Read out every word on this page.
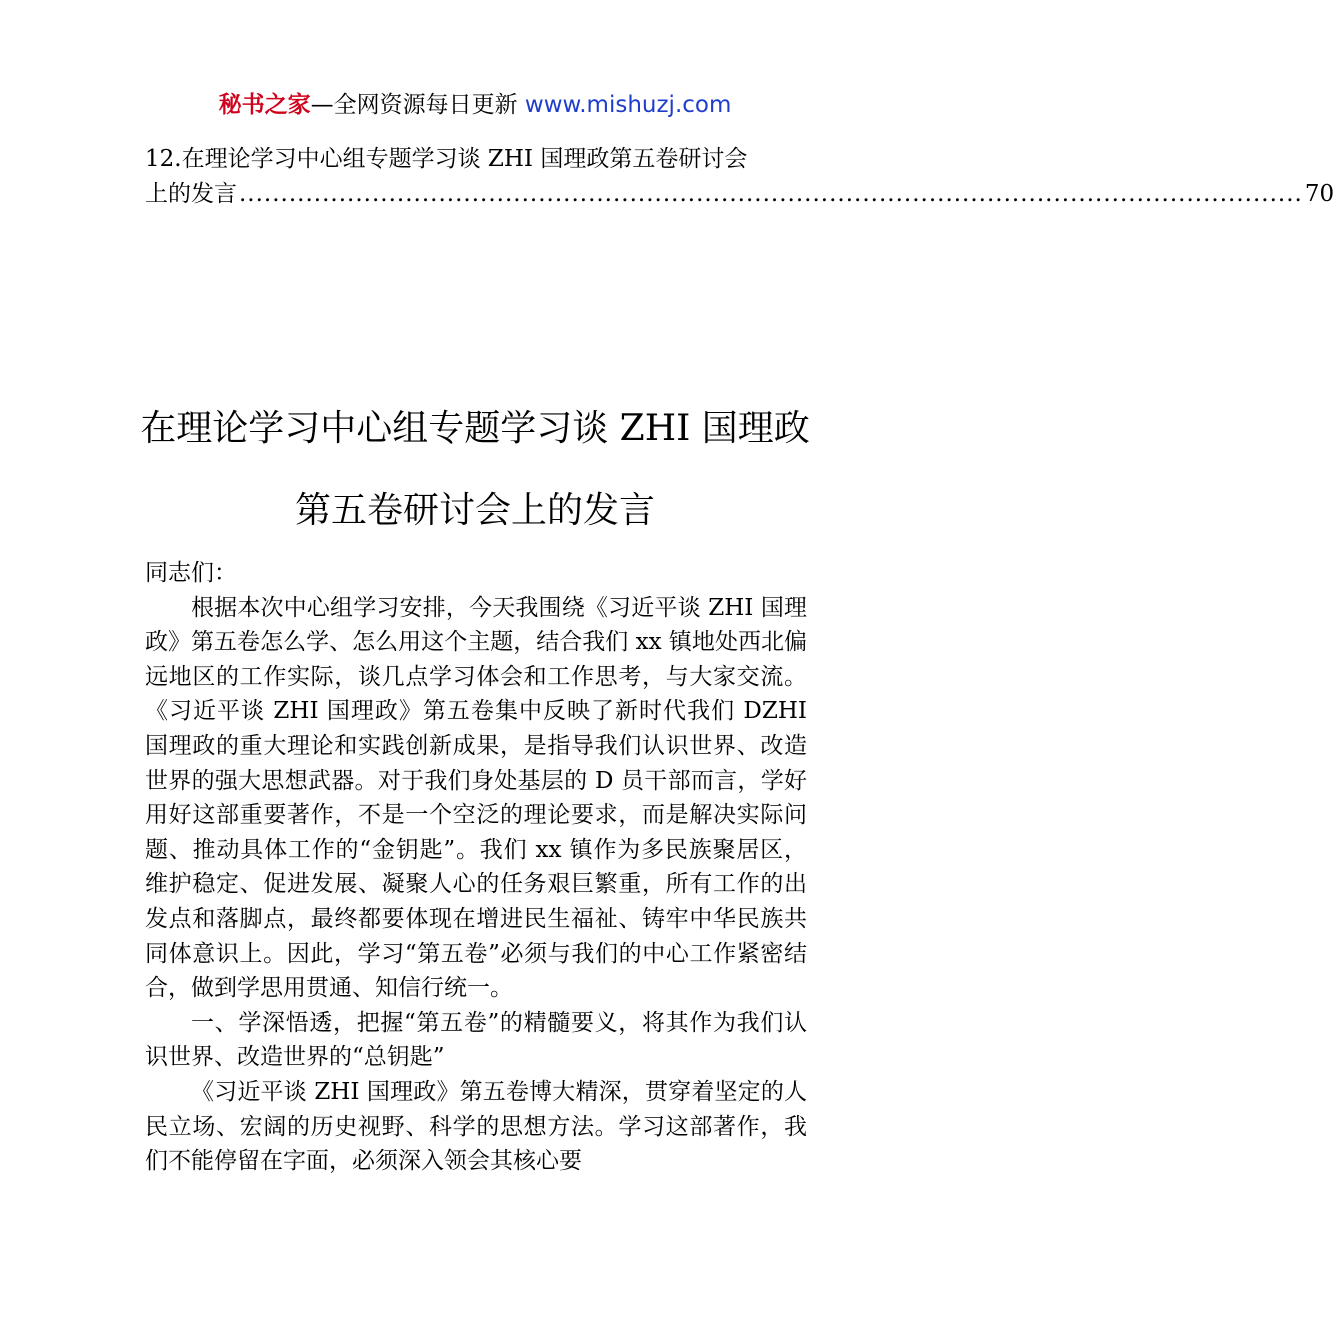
秘书之家—全网资源每日更新 www.mishuzj.com
12.在理论学习中心组专题学习谈 ZHI 国理政第五卷研讨会
上的发言 ................................................................................................................................ 70
在理论学习中心组专题学习谈 ZHI 国理政
第五卷研讨会上的发言

同志们：

根据本次中心组学习安排，今天我围绕《习近平谈 ZHI 国理政》第五卷怎么学、怎么用这个主题，结合我们 xx 镇地处西北偏远地区的工作实际，谈几点学习体会和工作思考，与大家交流。《习近平谈 ZHI 国理政》第五卷集中反映了新时代我们 DZHI 国理政的重大理论和实践创新成果，是指导我们认识世界、改造世界的强大思想武器。对于我们身处基层的 D 员干部而言，学好用好这部重要著作，不是一个空泛的理论要求，而是解决实际问题、推动具体工作的“金钥匙”。我们 xx 镇作为多民族聚居区，维护稳定、促进发展、凝聚人心的任务艰巨繁重，所有工作的出发点和落脚点，最终都要体现在增进民生福祉、铸牢中华民族共同体意识上。因此，学习“第五卷”必须与我们的中心工作紧密结合，做到学思用贯通、知信行统一。

一、学深悟透，把握“第五卷”的精髓要义，将其作为我们认识世界、改造世界的“总钥匙”

《习近平谈 ZHI 国理政》第五卷博大精深，贯穿着坚定的人民立场、宏阔的历史视野、科学的思想方法。学习这部著作，我们不能停留在字面，必须深入领会其核心要
